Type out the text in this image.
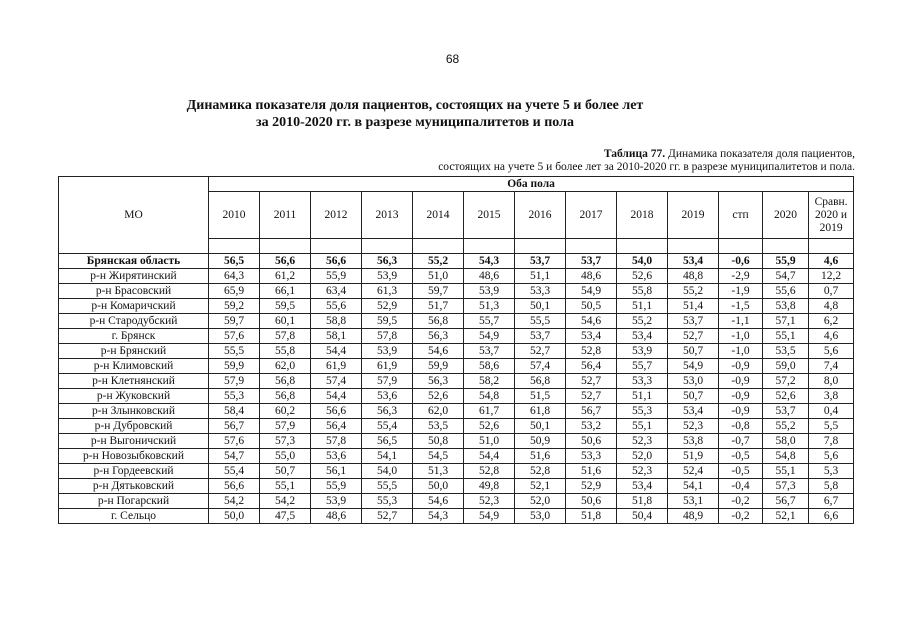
68
Динамика показателя доля пациентов, состоящих на учете 5 и более лет
за 2010-2020 гг. в разрезе муниципалитетов и пола
Таблица 77. Динамика показателя доля пациентов,
состоящих на учете 5 и более лет за 2010-2020 гг. в разрезе муниципалитетов и пола.
МО	Оба пола												
	2010	2011	2012	2013	2014	2015	2016	2017	2018	2019	стп	2020	Сравн.
2020 и
2019

Брянская область	56,5	56,6	56,6	56,3	55,2	54,3	53,7	53,7	54,0	53,4	-0,6	55,9	4,6
р-н Жирятинский	64,3	61,2	55,9	53,9	51,0	48,6	51,1	48,6	52,6	48,8	-2,9	54,7	12,2
р-н Брасовский	65,9	66,1	63,4	61,3	59,7	53,9	53,3	54,9	55,8	55,2	-1,9	55,6	0,7
р-н Комаричский	59,2	59,5	55,6	52,9	51,7	51,3	50,1	50,5	51,1	51,4	-1,5	53,8	4,8
р-н Стародубский	59,7	60,1	58,8	59,5	56,8	55,7	55,5	54,6	55,2	53,7	-1,1	57,1	6,2
г. Брянск	57,6	57,8	58,1	57,8	56,3	54,9	53,7	53,4	53,4	52,7	-1,0	55,1	4,6
р-н Брянский	55,5	55,8	54,4	53,9	54,6	53,7	52,7	52,8	53,9	50,7	-1,0	53,5	5,6
р-н Климовский	59,9	62,0	61,9	61,9	59,9	58,6	57,4	56,4	55,7	54,9	-0,9	59,0	7,4
р-н Клетнянский	57,9	56,8	57,4	57,9	56,3	58,2	56,8	52,7	53,3	53,0	-0,9	57,2	8,0
р-н Жуковский	55,3	56,8	54,4	53,6	52,6	54,8	51,5	52,7	51,1	50,7	-0,9	52,6	3,8
р-н Злынковский	58,4	60,2	56,6	56,3	62,0	61,7	61,8	56,7	55,3	53,4	-0,9	53,7	0,4
р-н Дубровский	56,7	57,9	56,4	55,4	53,5	52,6	50,1	53,2	55,1	52,3	-0,8	55,2	5,5
р-н Выгоничский	57,6	57,3	57,8	56,5	50,8	51,0	50,9	50,6	52,3	53,8	-0,7	58,0	7,8
р-н Новозыбковский	54,7	55,0	53,6	54,1	54,5	54,4	51,6	53,3	52,0	51,9	-0,5	54,8	5,6
р-н Гордеевский	55,4	50,7	56,1	54,0	51,3	52,8	52,8	51,6	52,3	52,4	-0,5	55,1	5,3
р-н Дятьковский	56,6	55,1	55,9	55,5	50,0	49,8	52,1	52,9	53,4	54,1	-0,4	57,3	5,8
р-н Погарский	54,2	54,2	53,9	55,3	54,6	52,3	52,0	50,6	51,8	53,1	-0,2	56,7	6,7
г. Сельцо	50,0	47,5	48,6	52,7	54,3	54,9	53,0	51,8	50,4	48,9	-0,2	52,1	6,6
